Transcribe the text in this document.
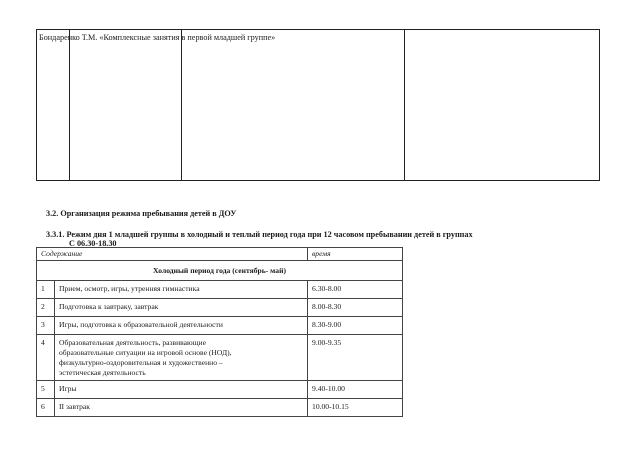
Бондаренко Т.М. «Комплексные занятия в первой младшей группе»
3.2. Организация режима пребывания детей в ДОУ
3.3.1. Режим дня 1 младшей группы в холодный и теплый период года при 12 часовом пребывании детей в группах
С 06.30-18.30
Содержание		время
Холодный период года (сентябрь- май)		
1	Прием, осмотр, игры, утренняя гимнастика	6.30-8.00
2	Подготовка к завтраку, завтрак	8.00-8.30
3	Игры, подготовка к образовательной деятельности	8.30-9.00
4	Образовательная деятельность, развивающие
образовательные ситуации на игровой основе (НОД),
физкультурно-оздоровительная и художественно –
эстетическая деятельность	9.00-9.35
5	Игры	9.40-10.00
6	II завтрак	10.00-10.15
